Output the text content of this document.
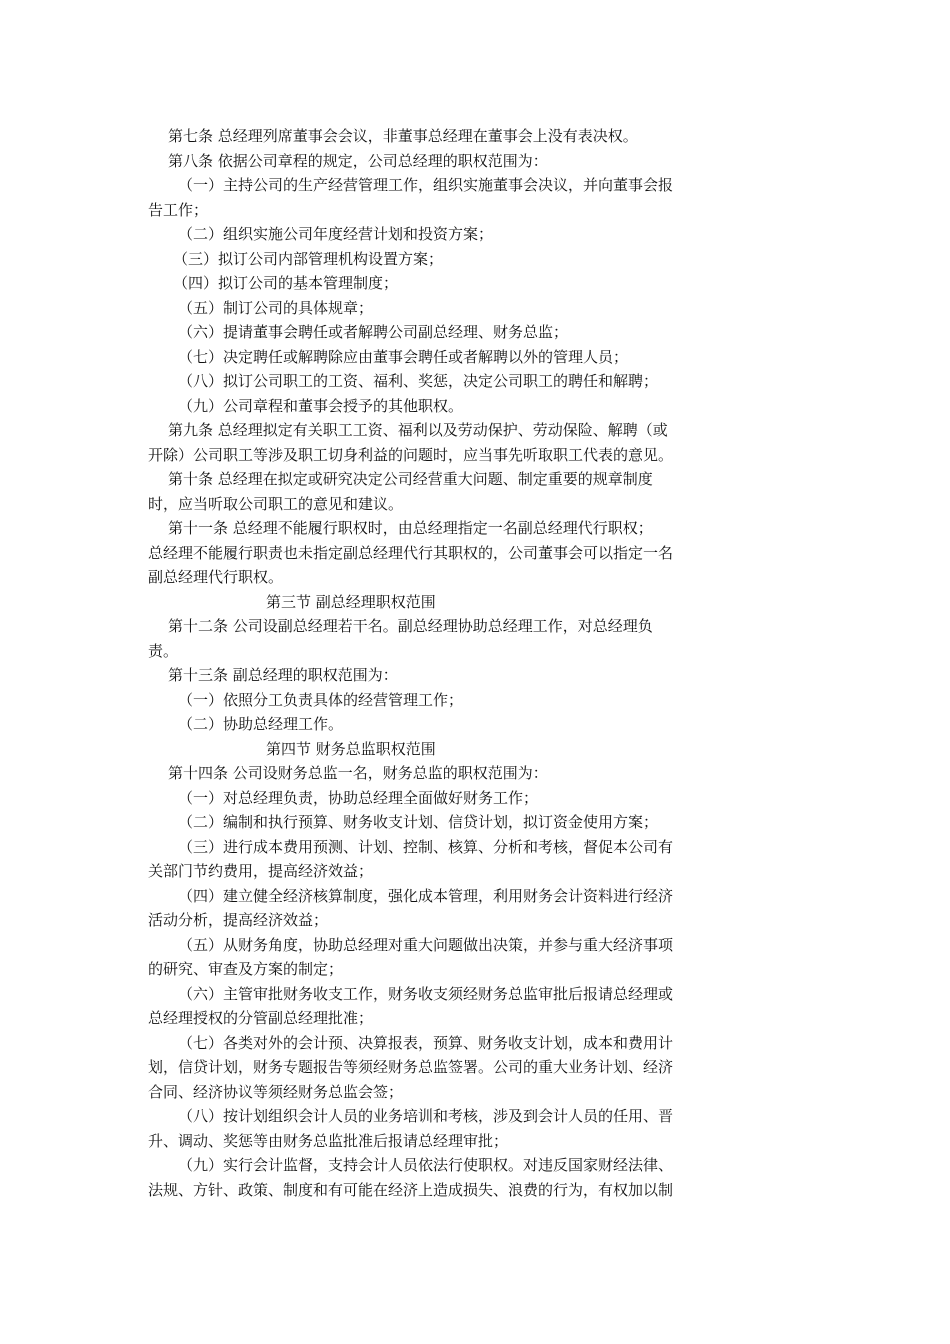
第七条 总经理列席董事会会议，非董事总经理在董事会上没有表决权。
第八条 依据公司章程的规定，公司总经理的职权范围为：
（一）主持公司的生产经营管理工作，组织实施董事会决议，并向董事会报
告工作；
（二）组织实施公司年度经营计划和投资方案；
（三）拟订公司内部管理机构设置方案；
（四）拟订公司的基本管理制度；
（五）制订公司的具体规章；
（六）提请董事会聘任或者解聘公司副总经理、财务总监；
（七）决定聘任或解聘除应由董事会聘任或者解聘以外的管理人员；
（八）拟订公司职工的工资、福利、奖惩，决定公司职工的聘任和解聘；
（九）公司章程和董事会授予的其他职权。
第九条 总经理拟定有关职工工资、福利以及劳动保护、劳动保险、解聘（或
开除）公司职工等涉及职工切身利益的问题时，应当事先听取职工代表的意见。
第十条 总经理在拟定或研究决定公司经营重大问题、制定重要的规章制度
时，应当听取公司职工的意见和建议。
第十一条 总经理不能履行职权时，由总经理指定一名副总经理代行职权；
总经理不能履行职责也未指定副总经理代行其职权的，公司董事会可以指定一名
副总经理代行职权。
第三节 副总经理职权范围
第十二条 公司设副总经理若干名。副总经理协助总经理工作，对总经理负
责。
第十三条 副总经理的职权范围为：
（一）依照分工负责具体的经营管理工作；
（二）协助总经理工作。
第四节 财务总监职权范围
第十四条 公司设财务总监一名，财务总监的职权范围为：
（一）对总经理负责，协助总经理全面做好财务工作；
（二）编制和执行预算、财务收支计划、信贷计划，拟订资金使用方案；
（三）进行成本费用预测、计划、控制、核算、分析和考核，督促本公司有
关部门节约费用，提高经济效益；
（四）建立健全经济核算制度，强化成本管理，利用财务会计资料进行经济
活动分析，提高经济效益；
（五）从财务角度，协助总经理对重大问题做出决策，并参与重大经济事项
的研究、审查及方案的制定；
（六）主管审批财务收支工作，财务收支须经财务总监审批后报请总经理或
总经理授权的分管副总经理批准；
（七）各类对外的会计预、决算报表，预算、财务收支计划，成本和费用计
划，信贷计划，财务专题报告等须经财务总监签署。公司的重大业务计划、经济
合同、经济协议等须经财务总监会签；
（八）按计划组织会计人员的业务培训和考核，涉及到会计人员的任用、晋
升、调动、奖惩等由财务总监批准后报请总经理审批；
（九）实行会计监督，支持会计人员依法行使职权。对违反国家财经法律、
法规、方针、政策、制度和有可能在经济上造成损失、浪费的行为，有权加以制
